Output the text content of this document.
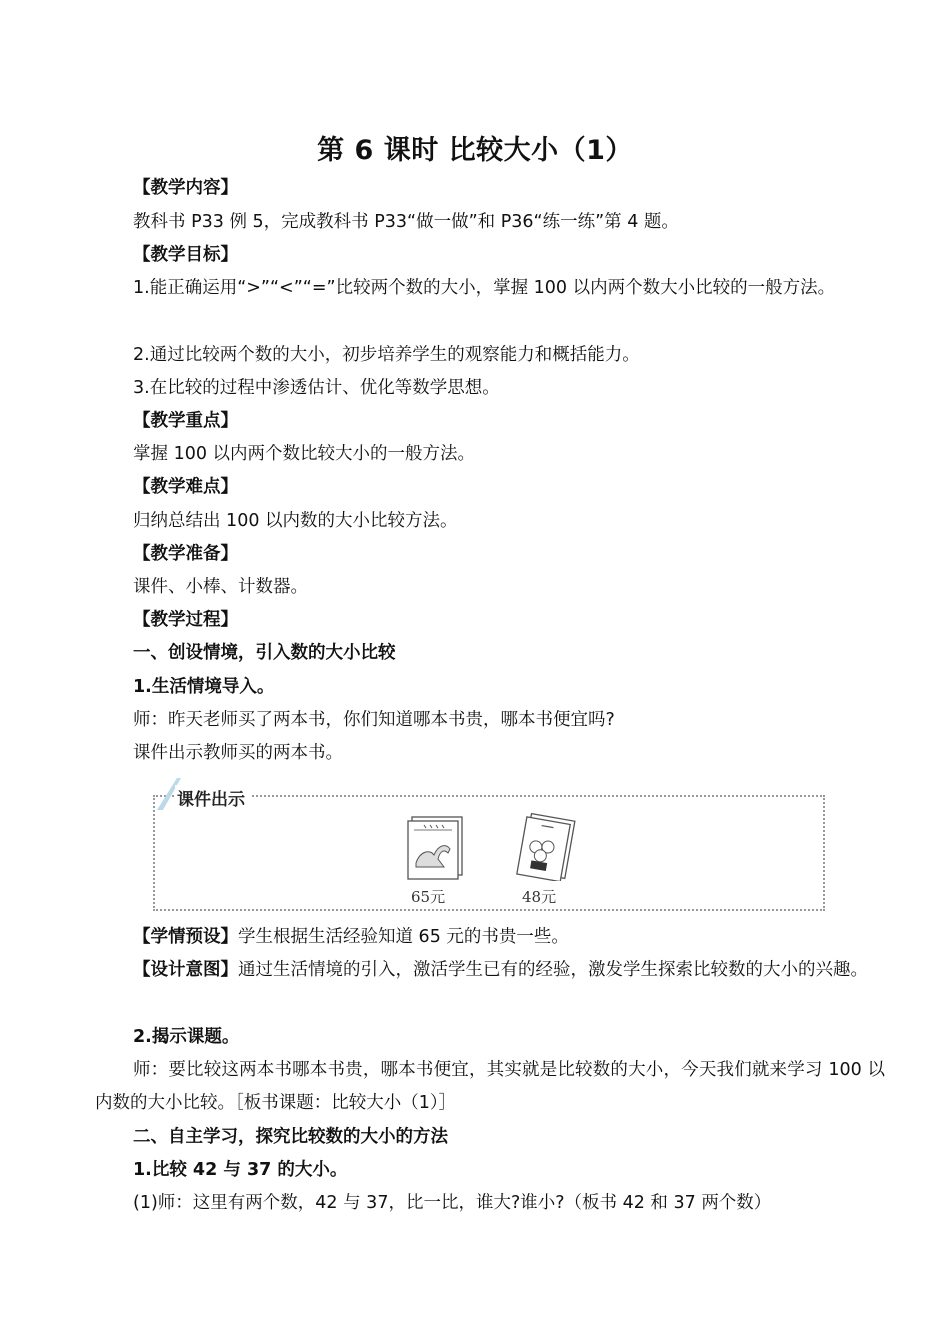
第 6 课时 比较大小（1）
【教学内容】
教科书 P33 例 5，完成教科书 P33“做一做”和 P36“练一练”第 4 题。
【教学目标】
1.能正确运用“>”“<”“=”比较两个数的大小，掌握 100 以内两个数大小比较的一般方法。
2.通过比较两个数的大小，初步培养学生的观察能力和概括能力。
3.在比较的过程中渗透估计、优化等数学思想。
【教学重点】
掌握 100 以内两个数比较大小的一般方法。
【教学难点】
归纳总结出 100 以内数的大小比较方法。
【教学准备】
课件、小棒、计数器。
【教学过程】
一、创设情境，引入数的大小比较
1.生活情境导入。
师：昨天老师买了两本书，你们知道哪本书贵，哪本书便宜吗?
课件出示教师买的两本书。
课件出示
65元	48元
【学情预设】学生根据生活经验知道 65 元的书贵一些。
【设计意图】通过生活情境的引入，激活学生已有的经验，激发学生探索比较数的大小的兴趣。
2.揭示课题。
师：要比较这两本书哪本书贵，哪本书便宜，其实就是比较数的大小，今天我们就来学习 100 以内数的大小比较。［板书课题：比较大小（1）］
二、自主学习，探究比较数的大小的方法
1.比较 42 与 37 的大小。
(1)师：这里有两个数，42 与 37，比一比，谁大?谁小?（板书 42 和 37 两个数）
